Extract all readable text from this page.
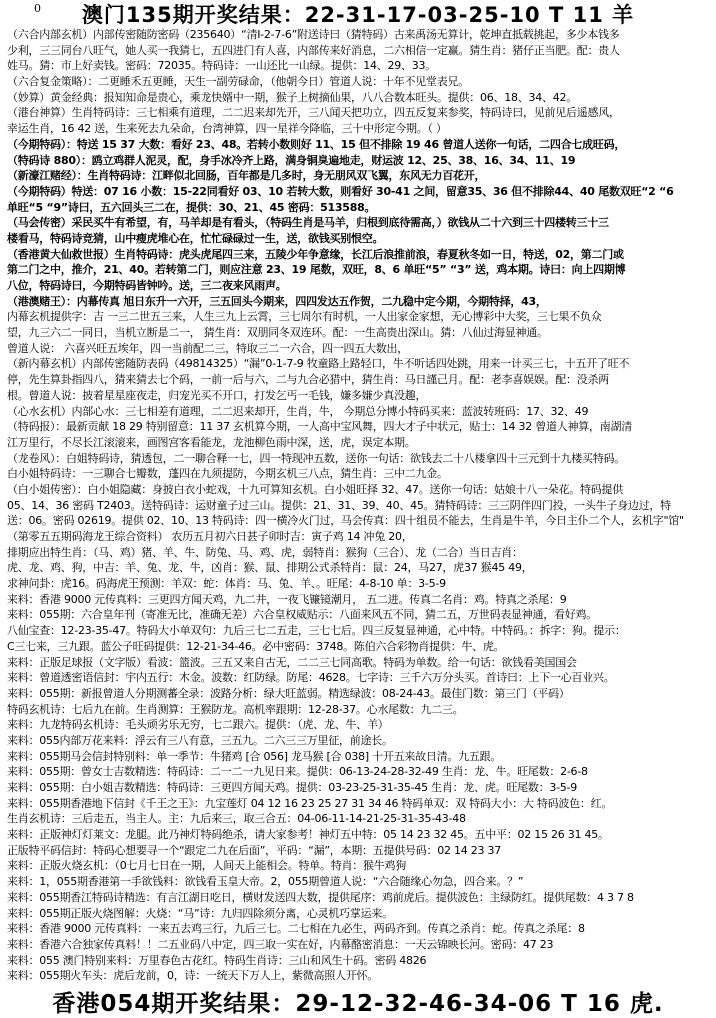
0	澳门135期开奖结果：22-31-17-03-25-10 T 11 羊
（六合内部玄机）内部传密随防密码（235640）“清I-2-7-6”附送诗曰（猜特码）古来禹汤无算计，乾坤直抵载挑起，多少本钱多
少利，三三同台八旺气，她人买一我猜七，五四进门有人喜，内部传来好消息，二六相信一定赢。猜生肖：猪仔正当肥。配：贵人
姓马。猜：市上好卖钱。密码：72035。特码诗：一山还比一山绿。提供：14、29、33。
（六合复金策略）：二更睡禾五更睡，天生一副劳碌命，（他朝今日）管道人说：十年不见堂表兄。
（妙算）黄金经典：报知知命是贵心，乘龙快婿中一期，猴子上树摘仙果，八八合数本旺头。提供：06、18、34、42。
（港台神算）生肖特码诗：三七相乘有道理，二二迟来却先开，三八闻天把功立，四五反复来参奖，特码诗曰，见前见后遥感风，
幸运生肖，16 42 送，生来死去九朵命，台湾神算，四一星祥今降临，三十中形定今期。（ ）
（今期特码）：特送 15 37 大数：看好 23、48。若转小数则好 11、15 但不排除 19 46 曾道人送你一句话，二四合七成旺码，
（特码诗 880）：鸥立鸡群人泥灵，配，身手冰冷齐上路，满身铜臭遍地走，财运波 12、25、38、16、34、11、19
（新濠江赌经）：生肖特码诗：江畔似北回肠，百年都是几多时，身无朋风双飞翼，东风无力百花开，
（今期特码）特送：07 16 小数：15-22同看好 03、10 若转大数，则看好 30-41 之间，留意35、36 但不排除44、40 尾数双旺“2 “6
单旺“5 “9”诗曰，五六回头三二在，提供：30、21、45 密码：513588。
（马会传密）采民买牛有希望，有，马羊却是有看头，（特码生肖是马羊，归根到底待需高，）欲钱从二十六到三十四楼转三十三
楼看马，特码诗竞猜，山中瘦虎堆心在，忙忙碌碌过一生，送，欲钱买别恨空。
（香港黄大仙救世报）生肖特码诗：虎头虎尾四三来，五陵少年争意缘，长江后浪推前浪，春夏秋冬如一日，特送，02，第二门或
第二门之中，推介，21、40。若转第二门，则应注意 23、19 尾数，双旺，8、6 单旺“5” “3” 送，鸡本期。诗曰：向上四期博
八位，特码诗曰，今期特码皆钟吟。送，三二夜来风雨声。
（港澳赌王）：内幕传真 旭日东升一六开，三五回头今期来，四四发达五作贺，二九稳中定今期，今期特择，43，
内幕玄机提供字：吉 一三二世五三来，人生三九上云霄，三七周尔有时机，一人出家金家想，无心博彩中大奖，三七果不负众
望，九三六二一同日，当机立断是二一， 猜生肖：双朋同冬双连环。配：一生高贵出深山。猜：八仙过海显神通。
曾道人说： 六喜兴旺五埃年，四一当前配二三，特取三二一六合，四一四五大数出，
（新内幕玄机）内部传密随防表码（49814325）“漏”0-1-7-9 牧童路上路轻口，牛不听话四处跳，用来一计买三七，十五开了旺不
停，先生算卦指四八，猜来猜去七个码，一前一后与六，二与九合必猎中，猜生肖：马日謹己月。配：老李喜娱娱。配：没杀两
根。曾道人说：披着星星座夜走，归宠光买不开口，打发乞丐一毛钱，嫌多嫌少真没趣，
（心水玄机）内部心水：三七相差有道理，二二迟来却开，生肖，牛， 今期总分博小特码买来：蓝波转班码：17、32、49
（特码报）：最新贡献 18 29 特别留意：11 37 玄机算今期，一人高中宝风舞，四大才子中状元，贴士：14 32 曾道人神算，南湖清
江万里行，不尽长江滚滚来，画图宫客看能龙，龙池柳色雨中深，送，虎，误定本期。
（龙卷风）：白姐特码诗，猜透包，二一聊合释一七，四一特现冲五数，送你一句话：欲钱去二十八楼拿四十三元到十九楼买特码。
白小姐特码诗：一三聊合七瓣数，蓬四在九须提防，今期玄机三八点，猜生肖：三中二九金。
（白小姐传密）：白小姐隐藏：身披白衣小蛇戏，十九可算知玄机。白小姐旺择 32、47。送你一句话：姑娘十八一朵花。特码提供
05、14、36 密码 T2403。送特码诗：运财童子过三山。提供：21、31、39、40、45。猜特码诗：三三阴伴四门投，一头牛子身边过，特
送：06。密码 02619。提供 02、10、13 特码诗：四一横冷火门过，马会传真：四十组员不能去，生肖是牛羊，今日主仆二个人，玄机字"馆"
（第零五五期码海龙王综合资料） 农历五月初六日甚子卯时吉：寅子鸡 14 冲兔 20，
排期应出特生肖：（马、鸡）猪、羊、牛、防兔、马、鸡、虎，弱特肖：猴狗（三合）、龙（二合）当日吉肖：
虎、龙、鸡、狗，中吉：羊、兔、龙、牛，凶肖：猴、鼠、排期公式杀特肖：鼠：24，马27，虎37 猴45 49，
求神问卦：虎16。码海虎王预测：羊双：蛇：体肖：马、兔、羊、。旺尾：4-8-10 单：3-5-9
来料：香港 9000 元传真料：三更四方闻天鸡，九二井，一夜飞镰镜潮月， 五二进。传真二名肖：鸡。特真之杀尾：9
来料：055期：六合皇年刊（寄准无比，准确无差）六合皇权威贴示：八面来风五不同，猜二五，万世码表显神通，看好鸡。
八仙宝查：12-23-35-47。特码大小单双句：九后三七二五走，三七七后。四三反复显神通，心中特。中特码。：拆字：狗。提示：
C三七来，三九跟。蓝公子旺码提供：12-21-34-46。必中密码：3748。陈伯六合彩物肖提供：牛、虎。
来料：正版足球报（文字版）看波：篮波。三五又来自古无，二二三七同高歌。特码为单数。给一句话：欲钱看美国国会
来料：曾道透密语信封：宇内五行：木金。波数：红防绿。防尾：4628。七字诗：三千六万分头买。首诗曰：上下一心百业兴。
来料：055期：新报曾道人分期测蕃全录：波路分析：绿大旺蓝弱。精选绿波：08-24-43。最佳门数：第三门（平码）
特码玄机诗：七后九在前。生肖测算：王猴防龙。高机率跟期：12-28-37。心水尾数：九二三。
来料：九龙特码玄机诗：毛头顽劣乐无穷，七二跟六。提供：（虎、龙、牛、羊）
来料：055内部万花来料：浮云有三八有意，三五九。二六三三万里征，前途长。
来料：055期马会信封特别料：单一季节：牛猪鸡 [合 056] 龙马猴 [合 038] 十开五来故日清。九五跟。
来料：055期：曾女士吉数精选：特码诗：二一二一九见日来。提供：06-13-24-28-32-49 生肖：龙、牛。旺尾数：2-6-8
来料：055期：白小姐吉数精选：特码诗：三更四方闻天鸡。提供：03-23-25-31-35-45 生肖：龙、虎。旺尾数：3-5-9
来料：055期香港地下信封《千王之王》：九宝莲灯 04 12 16 23 25 27 31 34 46 特码单双：双 特码大小：大 特码波色：红。
生肖玄机诗：三后走五，当主人。主：九后来三，取三合五：04-06-11-14-21-25-31-35-43-48
来料：正版神灯灯莱文：龙腿。此乃神灯特码绝杀，请大家参考！神灯五中特：05 14 23 32 45。五中平：02 15 26 31 45。
正版特平码信封：特码心想要寻一个“跟定二九在后面”，平码：“漏”，本期：五提供号码：02 14 23 37
来料：正版火烧玄机：（0七月七日在一期，人间天上能相会。特单。特肖：猴牛鸡狗
来料：1，055期香港第一手欲钱料：欲钱看玉皇大帝。2，055期曾道人说：“六合随缘心勿急，四合来。？”
来料：055期香江特码诗精选：有言江湖日吃日，横财发送四大数，提供尾序：鸡前虎后。提供波色：主绿防红。提供尾数：4 3 7 8
来料：055期正版火烧图解：火烧：“马”诗：九归四除须分离，心灵机巧掌运来。
来料：香港 9000 元传真料：一来五去鸡三行，九后三七。二七相在九必生，两码齐到。传真之杀肖：蛇。传真之杀尾：8
来料：香港六合独家传真料！！二五业码八中定，四三取一实在好，内幕酪密消息：一天云锦映长河。密码：47 23
来料：055 澳门特别来料：万里春色古花红。特码生肖诗：三山和风生十码。密码 4826
来料：055期火车头：虎后龙前，0，诗：一统天下万人上，紫微高照人开怀。
香港054期开奖结果：29-12-32-46-34-06 T 16 虎.
